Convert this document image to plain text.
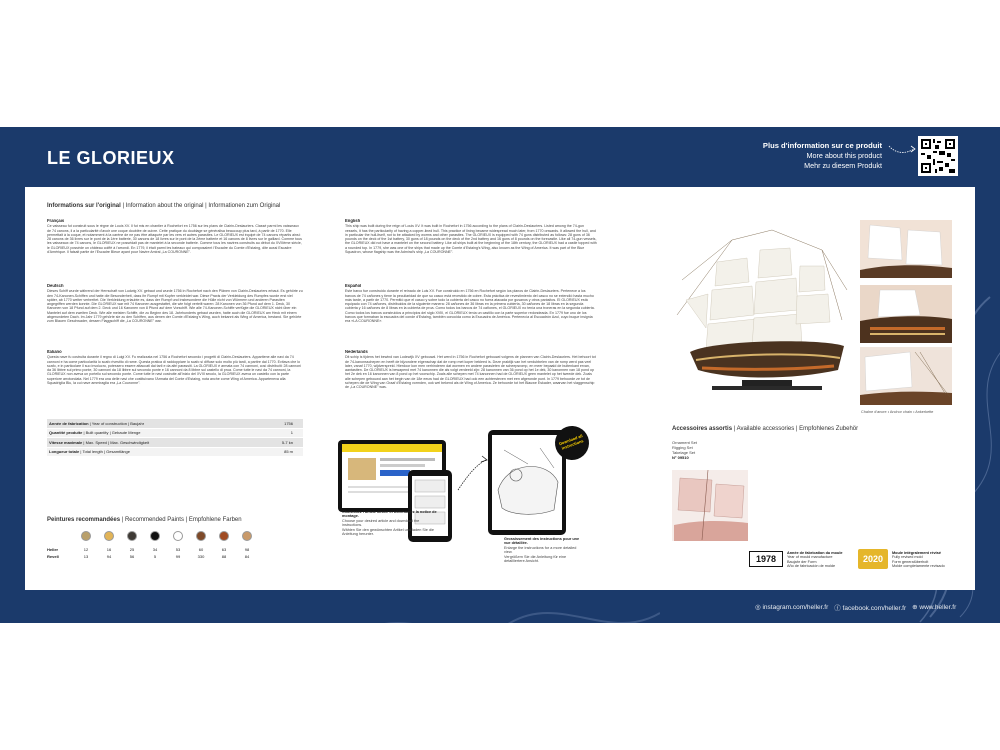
LE GLORIEUX
Plus d'information sur ce produit
More about this product
Mehr zu diesem Produkt
Informations sur l'original | Information about the original | Informationen zum Original
Français
Ce vaisseau fut construit sous le règne de Louis XV. Il fut mis en chantier à Rochefort en 1756 sur les plans de Clairin-Deslauriers. Classé parmi les vaisseaux de 74 canons, il a la particularité d'avoir une coque doublée de cuivre. Cette pratique du doublage se généralisa beaucoup plus tard, à partir de 1770. Elle permettait à la coque, et notamment à la carène de ne pas être attaquée par les vers et autres parasites. Le GLORIEUX est équipé de 74 canons répartis ainsi: 28 canons de 36 livres sur le pont de la 1ère batterie, 30 canons de 18 livres sur le pont de la 2ème batterie et 16 canons de 8 livres sur le gaillard. Comme tous les vaisseaux de 74 canons, le GLORIEUX ne possédait pas de mantelet à la seconde batterie. Comme tous les navires construits au début du XVIIIème siècle, le GLORIEUX possède un château coiffé à l'arrondi. En 1779, il était parmi les bateaux qui composaient l'Escadre du Comte d'Estaing, dite aussi Escadre d'Amérique. Il faisait partie de l'Escadre Bleue ayant pour Navire Amiral „La COURONNE".
English
This ship was built during the reign of Louis XV. It was built in Rochefort in 1756 according to the plans of Clairin-Deslauriers. Listed among the 74-gun vessels, it has the particularity of having a copper-lined hull. This practice of lining became widespread much later, from 1770 onwards. It allowed the hull, and in particular the hull-itself, not to be attacked by worms and other parasites. The GLORIEUX is equipped with 74 guns distributed as follows: 28 guns of 36 pounds on the deck of the 1st battery, 30 guns of 18 pounds on the deck of the 2nd battery and 16 guns of 8 pounds on the forecastle. Like all 74-gun vessels, the GLORIEUX did not have a mantelet on the second battery. Like all ships built at the beginning of the 18th century, the GLORIEUX had a castle topped with a rounded top. In 1779, she was one of the ships that made up the Comte d'Estaing's Wing, also known as the Wing of America. It was part of the Blue Squadron, whose flagship was the Admiral's ship „La COURONNE".
Deutsch
Dieses Schiff wurde während der Herrschaft von Ludwig XV. gebaut und wurde 1756 in Rochefort nach den Plänen von Clairin-Deslauriers erbaut. Es gehörte zu den 74-Kanonen-Schiffen und hatte die Besonderheit, dass ihr Rumpf mit Kupfer verkleidet war. Diese Praxis der Verkleidung des Rumpfes wurde erst viel später, ab 1770 weiter verbreitet. Die Verkleidung erlaubte es, dass der Rumpf und insbesondere die Hülle nicht von Würmern und anderen Parasiten angegriffen werden konnte. Die GLORIEUX war mit 74 Kanonen ausgestattet, die wie folgt verteilt waren: 28 Kanonen von 36 Pfund auf dem 1. Deck, 30 Kanonen von 18 Pfund auf dem 2. Deck und 16 Kanonen von 8 Pfund auf dem Vorschiff. Wie alle 74-Kanonen-Schiffe verfügte die GLORIEUX nicht über ein Mantelet auf dem zweiten Deck. Wie alle meisten Schiffe, die zu Beginn des 18. Jahrhunderts gebaut wurden, hatte auch die GLORIEUX am Heck mit einem abgerundeten Dach. Im Jahr 1779 gehörte sie zu den Schiffen, aus denen der Comte d'Estaing's Wing, auch bekannt als Wing of America, bestand. Sie gehörte zum Blauen Geschwader, dessen Flaggschiff die „La COURONNE" war.
Español
Este barco fue construido durante el reinado de Luis XV. Fue construido en 1756 en Rochefort según los planos de Clairin-Deslauriers. Pertenece a los barcos de 74 cañones y tiene la peculiaridad de que su casco está revestido de cobre. Esta práctica de revestimiento del casco no se extendió hasta mucho más tarde, a partir de 1770. Permitió que el casco y sobre todo la cubierta del casco no fuera atacada por gusanos y otros parásitos. El GLORIEUX está equipado con 74 cañones, distribuidos de la siguiente manera: 28 cañones de 36 libras en la primera cubierta, 30 cañones de 18 libras en la segunda cubierta y 16 cañones de 8 libras en la cubierta de proa. Como todos los barcos de 74 cañones, el GLORIEUX no tenía una troneras en la segunda cubierta. Como todos los barcos construidos a principios del siglo XVIII, el GLORIEUX tenía un castillo con la parte superior redondeada. En 1779 fue uno de los barcos que formaban la escuadra del conde d'Estaing, también conocida como la Escuadra de América. Pertenecía al Escuadrón Azul, cuyo buque insignia era «LA COURONNE».
Italiano
Questa nave fu costruita durante il regno di Luigi XV. Fu realizzata nel 1756 a Rochefort secondo i progetti di Clairin-Deslauriers. Appartiene alle navi da 74 cannoni e ha come particolarità lo scafo rivestito di rame. Questa pratica di raddoppiare lo scafo si diffuse solo molto più tardi, a partire dal 1770. Evitava che lo scafo, e in particolare il suo involucro, potessero essere attaccati dai tarli e da altri parassiti. La GLORIEUX è armata con 74 cannoni, così distribuiti: 28 cannoni da 36 libbre sul primo ponte, 30 cannoni da 18 libbre sul secondo ponte e 16 cannoni da 8 libbre sul castello di prua. Come tutte le navi da 74 cannoni, la GLORIEUX non aveva un portello sul secondo ponte. Come tutte le navi costruite all'inizio del XVIII secolo, la GLORIEUX aveva un castello con la parte superiore arrotondata. Nel 1779 era una delle navi che costituivano l'Armata del Conte d'Estaing, nota anche come Wing of America. Apparteneva alla Squadriglia Blu, la cui nave ammiraglia era „La Couronne".
Nederlands
Dit schip is tijdens het bewind van Lodewijk XV gebouwd. Het werd in 1756 in Rochefort gebouwd volgens de plannen van Clairin-Deslauriers. Het behoort tot de 74-kanonsschepen en heeft de bijzondere eigenschap dat de romp met koper bekleed is. Deze praktijk van het verdubbelen van de romp werd pas veel later, vanaf 1770, wijdverspreid. Hierdoor kon men verhinderen dat wormen en andere parasieten de scheepsromp, en meer bepaald de buitenkant ervan, aantastten. De GLORIEUX is bewapend met 74 kanonnen die als volgt verdeeld zijn: 28 kanonnen van 36 pond op het 1e dek, 30 kanonnen van 18 pond op het 2e dek en 16 kanonnen van 8 pond op het voorschip. Zoals alle schepen met 74 kanonnen had de GLORIEUX geen mantelet op het tweede dek. Zoals alle schepen gebouwd aan het begin van de 18e eeuw had de GLORIEUX had ook een achtersteven met een afgeronde punt. In 1779 behoorde ze tot de schepen die de Wing van Graaf d'Estaing vormden, ook wel bekend als de Wing of America. Ze behoorde tot het Blauwe Eskader, waarvan het vlaggenschip de „La COURONNE" was.
Année de fabrication | Year of construction | Baujahr	1756
Quantité produite | Built quantity | Gebaute Menge	1
Vitesse maximale | Max. Speed | Max. Geschwindigkeit	5-7 kn
Longueur totale | Total length | Gesamtlänge	85 m
Peintures recommandées | Recommended Paints | Empfohlene Farben
Heller	12	16	25	34	53	60	63	98
Revell	13	94	56	5	99	330	88	84
Download all instructions
Choisissez l'article désiré et téléchargez la notice de montage.
Choose your desired article and download the instructions.
Wählen Sie den gewünschten Artikel und laden Sie die Anleitung herunter.
Grossissement des instructions pour une vue détaillée.
Enlarge the instructions for a more detailed view.
Vergrößern Sie die Anleitung für eine detailliertere Ansicht.
Chaîne d'ancre • Anchor chain • Ankerkette
Accessoires assortis | Available accessories | Empfohlenes Zubehör
Ornament Set
Rigging Set
Takelage Set
N° 09510
1978
Année de fabrication du moule
Year of mould manufacture
Baujahr der Form
Año de fabricación de molde
2020
Moule intégralement révisé
Fully revised mold
Form generalüberholt
Molde completamente revisado
◎ instagram.com/heller.fr ⓕ facebook.com/heller.fr ⊕ www.heller.fr
